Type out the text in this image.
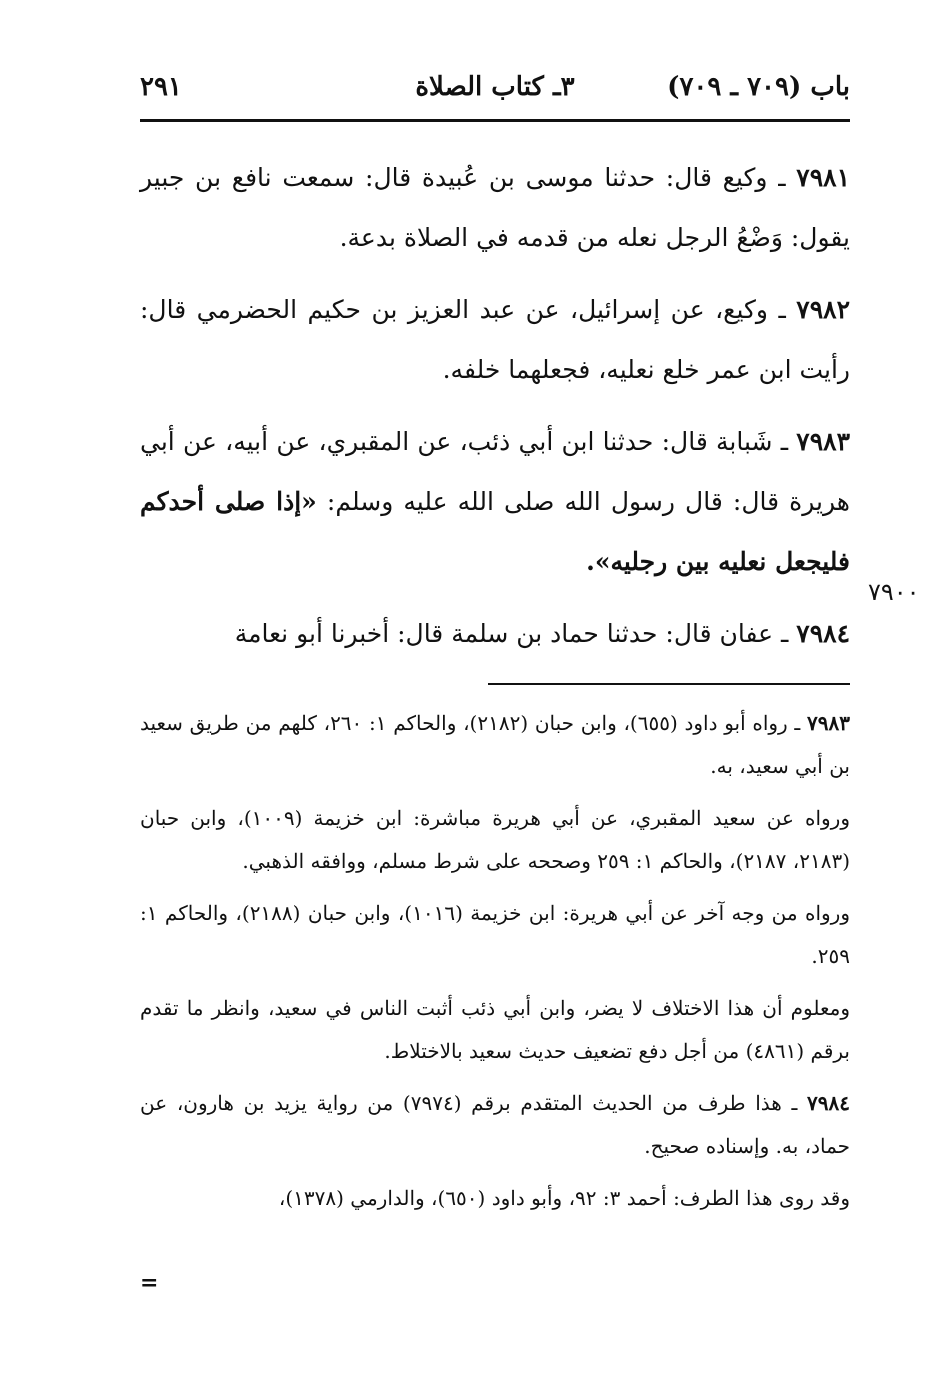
باب (٧٠٩ ـ ٧٠٩)
٣ـ كتاب الصلاة
٢٩١

٧٩٨١ ـ وكيع قال: حدثنا موسى بن عُبيدة قال: سمعت نافع بن جبير يقول: وَضْعُ الرجل نعله من قدمه في الصلاة بدعة.

٧٩٨٢ ـ وكيع، عن إسرائيل، عن عبد العزيز بن حكيم الحضرمي قال: رأيت ابن عمر خلع نعليه، فجعلهما خلفه.

٧٩٨٣ ـ شَبابة قال: حدثنا ابن أبي ذئب، عن المقبري، عن أبيه، عن أبي هريرة قال: قال رسول الله صلى الله عليه وسلم: «إذا صلى أحدكم فليجعل نعليه بين رجليه».

٧٩٨٤ ـ عفان قال: حدثنا حماد بن سلمة قال: أخبرنا أبو نعامة

٧٩٠٠

٧٩٨٣ ـ رواه أبو داود (٦٥٥)، وابن حبان (٢١٨٢)، والحاكم ١: ٢٦٠، كلهم من طريق سعيد بن أبي سعيد، به.

ورواه عن سعيد المقبري، عن أبي هريرة مباشرة: ابن خزيمة (١٠٠٩)، وابن حبان (٢١٨٣، ٢١٨٧)، والحاكم ١: ٢٥٩ وصححه على شرط مسلم، ووافقه الذهبي.

ورواه من وجه آخر عن أبي هريرة: ابن خزيمة (١٠١٦)، وابن حبان (٢١٨٨)، والحاكم ١: ٢٥٩.

ومعلوم أن هذا الاختلاف لا يضر، وابن أبي ذئب أثبت الناس في سعيد، وانظر ما تقدم برقم (٤٨٦١) من أجل دفع تضعيف حديث سعيد بالاختلاط.

٧٩٨٤ ـ هذا طرف من الحديث المتقدم برقم (٧٩٧٤) من رواية يزيد بن هارون، عن حماد، به. وإسناده صحيح.

وقد روى هذا الطرف: أحمد ٣: ٩٢، وأبو داود (٦٥٠)، والدارمي (١٣٧٨)،

=
